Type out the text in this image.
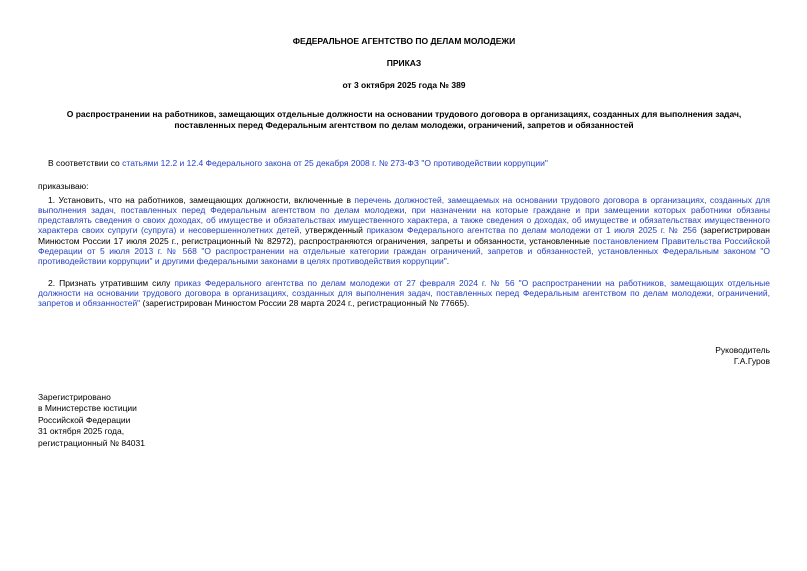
ФЕДЕРАЛЬНОЕ АГЕНТСТВО ПО ДЕЛАМ МОЛОДЕЖИ
ПРИКАЗ
от 3 октября 2025 года № 389
О распространении на работников, замещающих отдельные должности на основании трудового договора в организациях, созданных для выполнения задач, поставленных перед Федеральным агентством по делам молодежи, ограничений, запретов и обязанностей
В соответствии со статьями 12.2 и 12.4 Федерального закона от 25 декабря 2008 г. № 273-ФЗ "О противодействии коррупции"
приказываю:
1. Установить, что на работников, замещающих должности, включенные в перечень должностей, замещаемых на основании трудового договора в организациях, созданных для выполнения задач, поставленных перед Федеральным агентством по делам молодежи, при назначении на которые граждане и при замещении которых работники обязаны представлять сведения о своих доходах, об имуществе и обязательствах имущественного характера, а также сведения о доходах, об имуществе и обязательствах имущественного характера своих супруги (супруга) и несовершеннолетних детей, утвержденный приказом Федерального агентства по делам молодежи от 1 июля 2025 г. № 256 (зарегистрирован Минюстом России 17 июля 2025 г., регистрационный № 82972), распространяются ограничения, запреты и обязанности, установленные постановлением Правительства Российской Федерации от 5 июля 2013 г. № 568 "О распространении на отдельные категории граждан ограничений, запретов и обязанностей, установленных Федеральным законом "О противодействии коррупции" и другими федеральными законами в целях противодействия коррупции".
2. Признать утратившим силу приказ Федерального агентства по делам молодежи от 27 февраля 2024 г. № 56 "О распространении на работников, замещающих отдельные должности на основании трудового договора в организациях, созданных для выполнения задач, поставленных перед Федеральным агентством по делам молодежи, ограничений, запретов и обязанностей" (зарегистрирован Минюстом России 28 марта 2024 г., регистрационный № 77665).
Руководитель
Г.А.Гуров
Зарегистрировано
в Министерстве юстиции
Российской Федерации
31 октября 2025 года,
регистрационный № 84031
